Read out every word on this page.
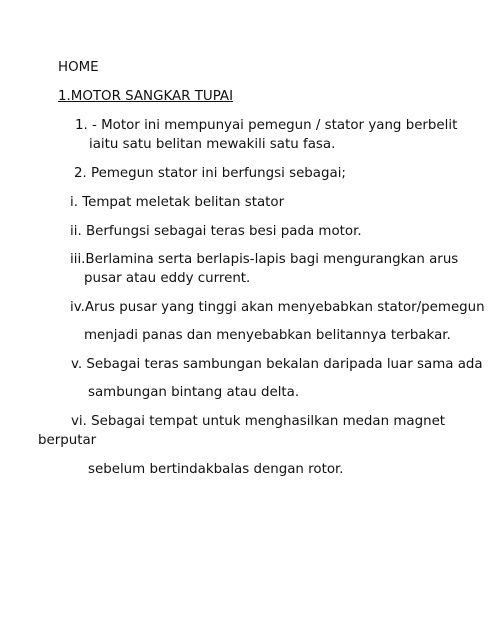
HOME

1.MOTOR SANGKAR TUPAI

1. - Motor ini mempunyai pemegun / stator yang berbelit

iaitu satu belitan mewakili satu fasa.

2. Pemegun stator ini berfungsi sebagai;

i. Tempat meletak belitan stator

ii. Berfungsi sebagai teras besi pada motor.

iii.Berlamina serta berlapis-lapis bagi mengurangkan arus

pusar atau eddy current.

iv.Arus pusar yang tinggi akan menyebabkan stator/pemegun

menjadi panas dan menyebabkan belitannya terbakar.

v. Sebagai teras sambungan bekalan daripada luar sama ada

sambungan bintang atau delta.

vi. Sebagai tempat untuk menghasilkan medan magnet

berputar

sebelum bertindakbalas dengan rotor.
